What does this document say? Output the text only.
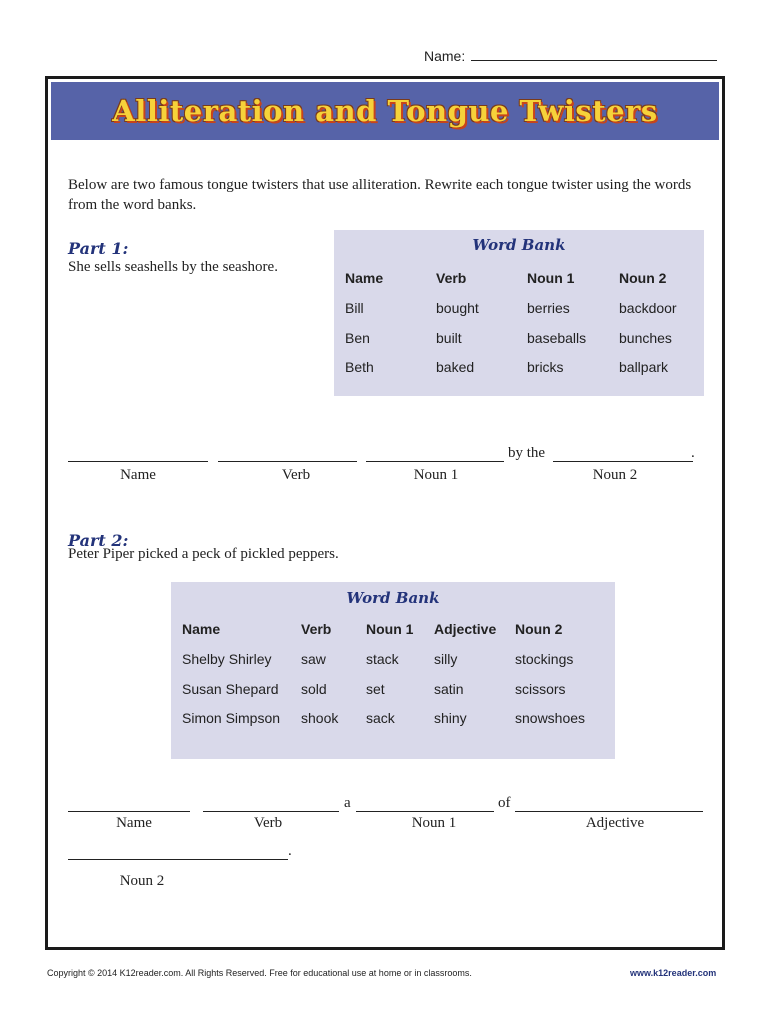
Name:
Alliteration and Tongue Twisters
Below are two famous tongue twisters that use alliteration. Rewrite each tongue twister using the words from the word banks.
Part 1:
She sells seashells by the seashore.
Word Bank
Name	Verb	Noun 1	Noun 2
Bill	bought	berries	backdoor
Ben	built	baseballs	bunches
Beth	baked	bricks	ballpark
by the	.
Name	Verb	Noun 1	Noun 2
Part 2:
Peter Piper picked a peck of pickled peppers.
Word Bank
Name	Verb	Noun 1	Adjective	Noun 2
Shelby Shirley	saw	stack	silly	stockings
Susan Shepard	sold	set	satin	scissors
Simon Simpson	shook	sack	shiny	snowshoes
a	of
Name	Verb	Noun 1	Adjective
.
Noun 2
Copyright © 2014 K12reader.com. All Rights Reserved. Free for educational use at home or in classrooms.	www.k12reader.com
